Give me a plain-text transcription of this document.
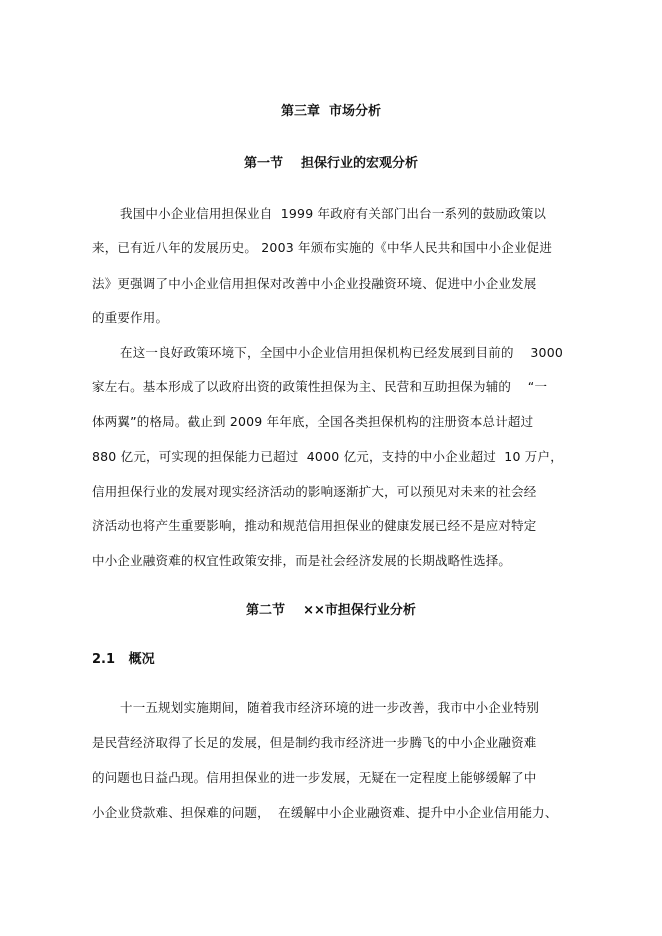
第三章  市场分析
第一节    担保行业的宏观分析
我国中小企业信用担保业自  1999 年政府有关部门出台一系列的鼓励政策以
来，已有近八年的发展历史。 2003 年颁布实施的《中华人民共和国中小企业促进
法》更强调了中小企业信用担保对改善中小企业投融资环境、促进中小企业发展
的重要作用。
在这一良好政策环境下，全国中小企业信用担保机构已经发展到目前的    3000
家左右。基本形成了以政府出资的政策性担保为主、民营和互助担保为辅的    “一
体两翼”的格局。截止到 2009 年年底，全国各类担保机构的注册资本总计超过
880 亿元，可实现的担保能力已超过  4000 亿元，支持的中小企业超过  10 万户，
信用担保行业的发展对现实经济活动的影响逐渐扩大，可以预见对未来的社会经
济活动也将产生重要影响，推动和规范信用担保业的健康发展已经不是应对特定
中小企业融资难的权宜性政策安排，而是社会经济发展的长期战略性选择。
第二节    ××市担保行业分析
2.1   概况
十一五规划实施期间，随着我市经济环境的进一步改善，我市中小企业特别
是民营经济取得了长足的发展，但是制约我市经济进一步腾飞的中小企业融资难
的问题也日益凸现。信用担保业的进一步发展，无疑在一定程度上能够缓解了中
小企业贷款难、担保难的问题，  在缓解中小企业融资难、提升中小企业信用能力、
